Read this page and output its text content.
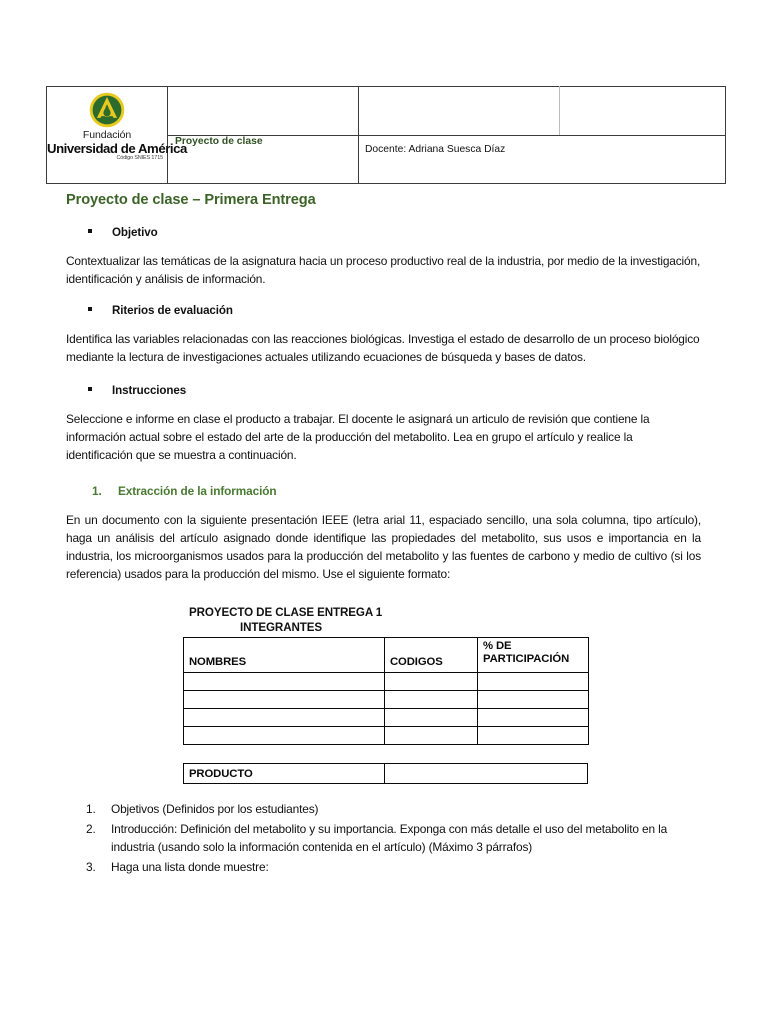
Fundación
Universidad de América
Código SNIES 1715			

	Proyecto de clase	Docente: Adriana Suesca Díaz	
Proyecto de clase – Primera Entrega
Objetivo

Contextualizar las temáticas de la asignatura hacia un proceso productivo real de la industria, por medio de la investigación, identificación y análisis de información.

Riterios de evaluación

Identifica las variables relacionadas con las reacciones biológicas. Investiga el estado de desarrollo de un proceso biológico mediante la lectura de investigaciones actuales utilizando ecuaciones de búsqueda y bases de datos.

Instrucciones

Seleccione e informe en clase el producto a trabajar. El docente le asignará un articulo de revisión que contiene la información actual sobre el estado del arte de la producción del metabolito. Lea en grupo el artículo y realice la identificación que se muestra a continuación.

1.	Extracción de la información

En un documento con la siguiente presentación IEEE (letra arial 11, espaciado sencillo, una sola columna, tipo artículo), haga un análisis del artículo asignado donde identifique las propiedades del metabolito, sus usos e importancia en la industria, los microorganismos usados para la producción del metabolito y las fuentes de carbono y medio de cultivo (si los referencia) usados para la producción del mismo. Use el siguiente formato:

PROYECTO DE CLASE ENTREGA 1
INTEGRANTES
NOMBRES	CODIGOS	% DE
PARTICIPACIÓN

PRODUCTO

1.	Objetivos (Definidos por los estudiantes)
2.	Introducción: Definición del metabolito y su importancia. Exponga con más detalle el uso del metabolito en la industria (usando solo la información contenida en el artículo) (Máximo 3 párrafos)
3.	Haga una lista donde muestre:
